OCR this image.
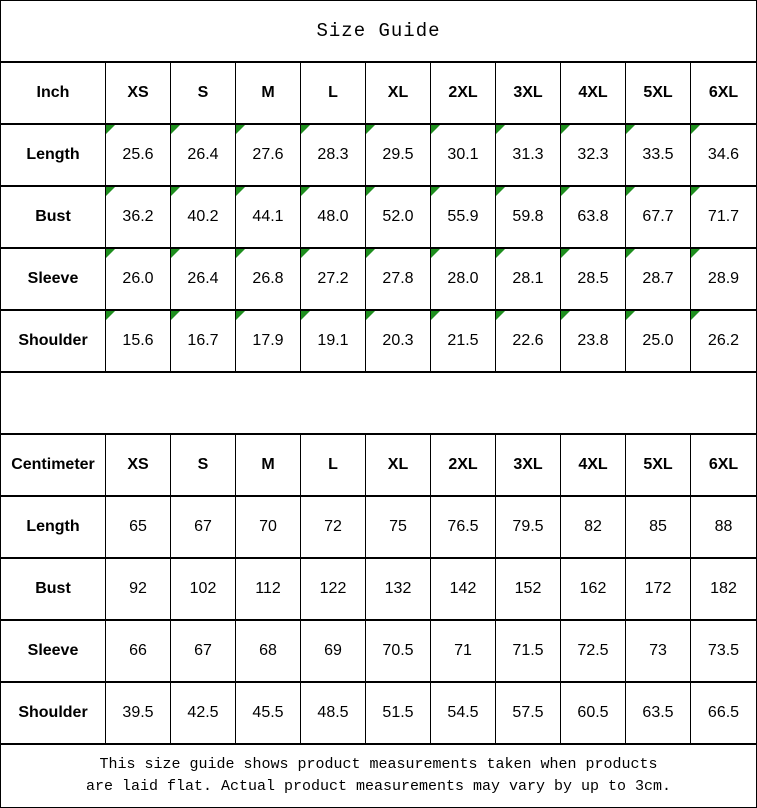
Size Guide
Inch	XS	S	M	L	XL	2XL 3XL 4XL 5XL 6XL
Length	25.6 26.4 27.6 28.3 29.5 30.1 31.3 32.3 33.5 34.6
Bust	36.2 40.2 44.1 48.0 52.0 55.9 59.8 63.8 67.7 71.7
Sleeve	26.0 26.4 26.8 27.2 27.8 28.0 28.1 28.5 28.7 28.9
Shoulder 15.6 16.7 17.9 19.1 20.3 21.5 22.6 23.8 25.0 26.2
Centimeter XS	S	M	L	XL	2XL 3XL 4XL 5XL 6XL
Length	65	67	70	72	75	76.5 79.5	82	85	88
Bust	92	102 112 122 132 142 152 162 172 182
Sleeve	66	67	68	69	70.5	71	71.5 72.5	73	73.5
Shoulder 39.5 42.5 45.5 48.5 51.5 54.5 57.5 60.5 63.5 66.5
This size guide shows product measurements taken when products
are laid flat. Actual product measurements may vary by up to 3cm.
